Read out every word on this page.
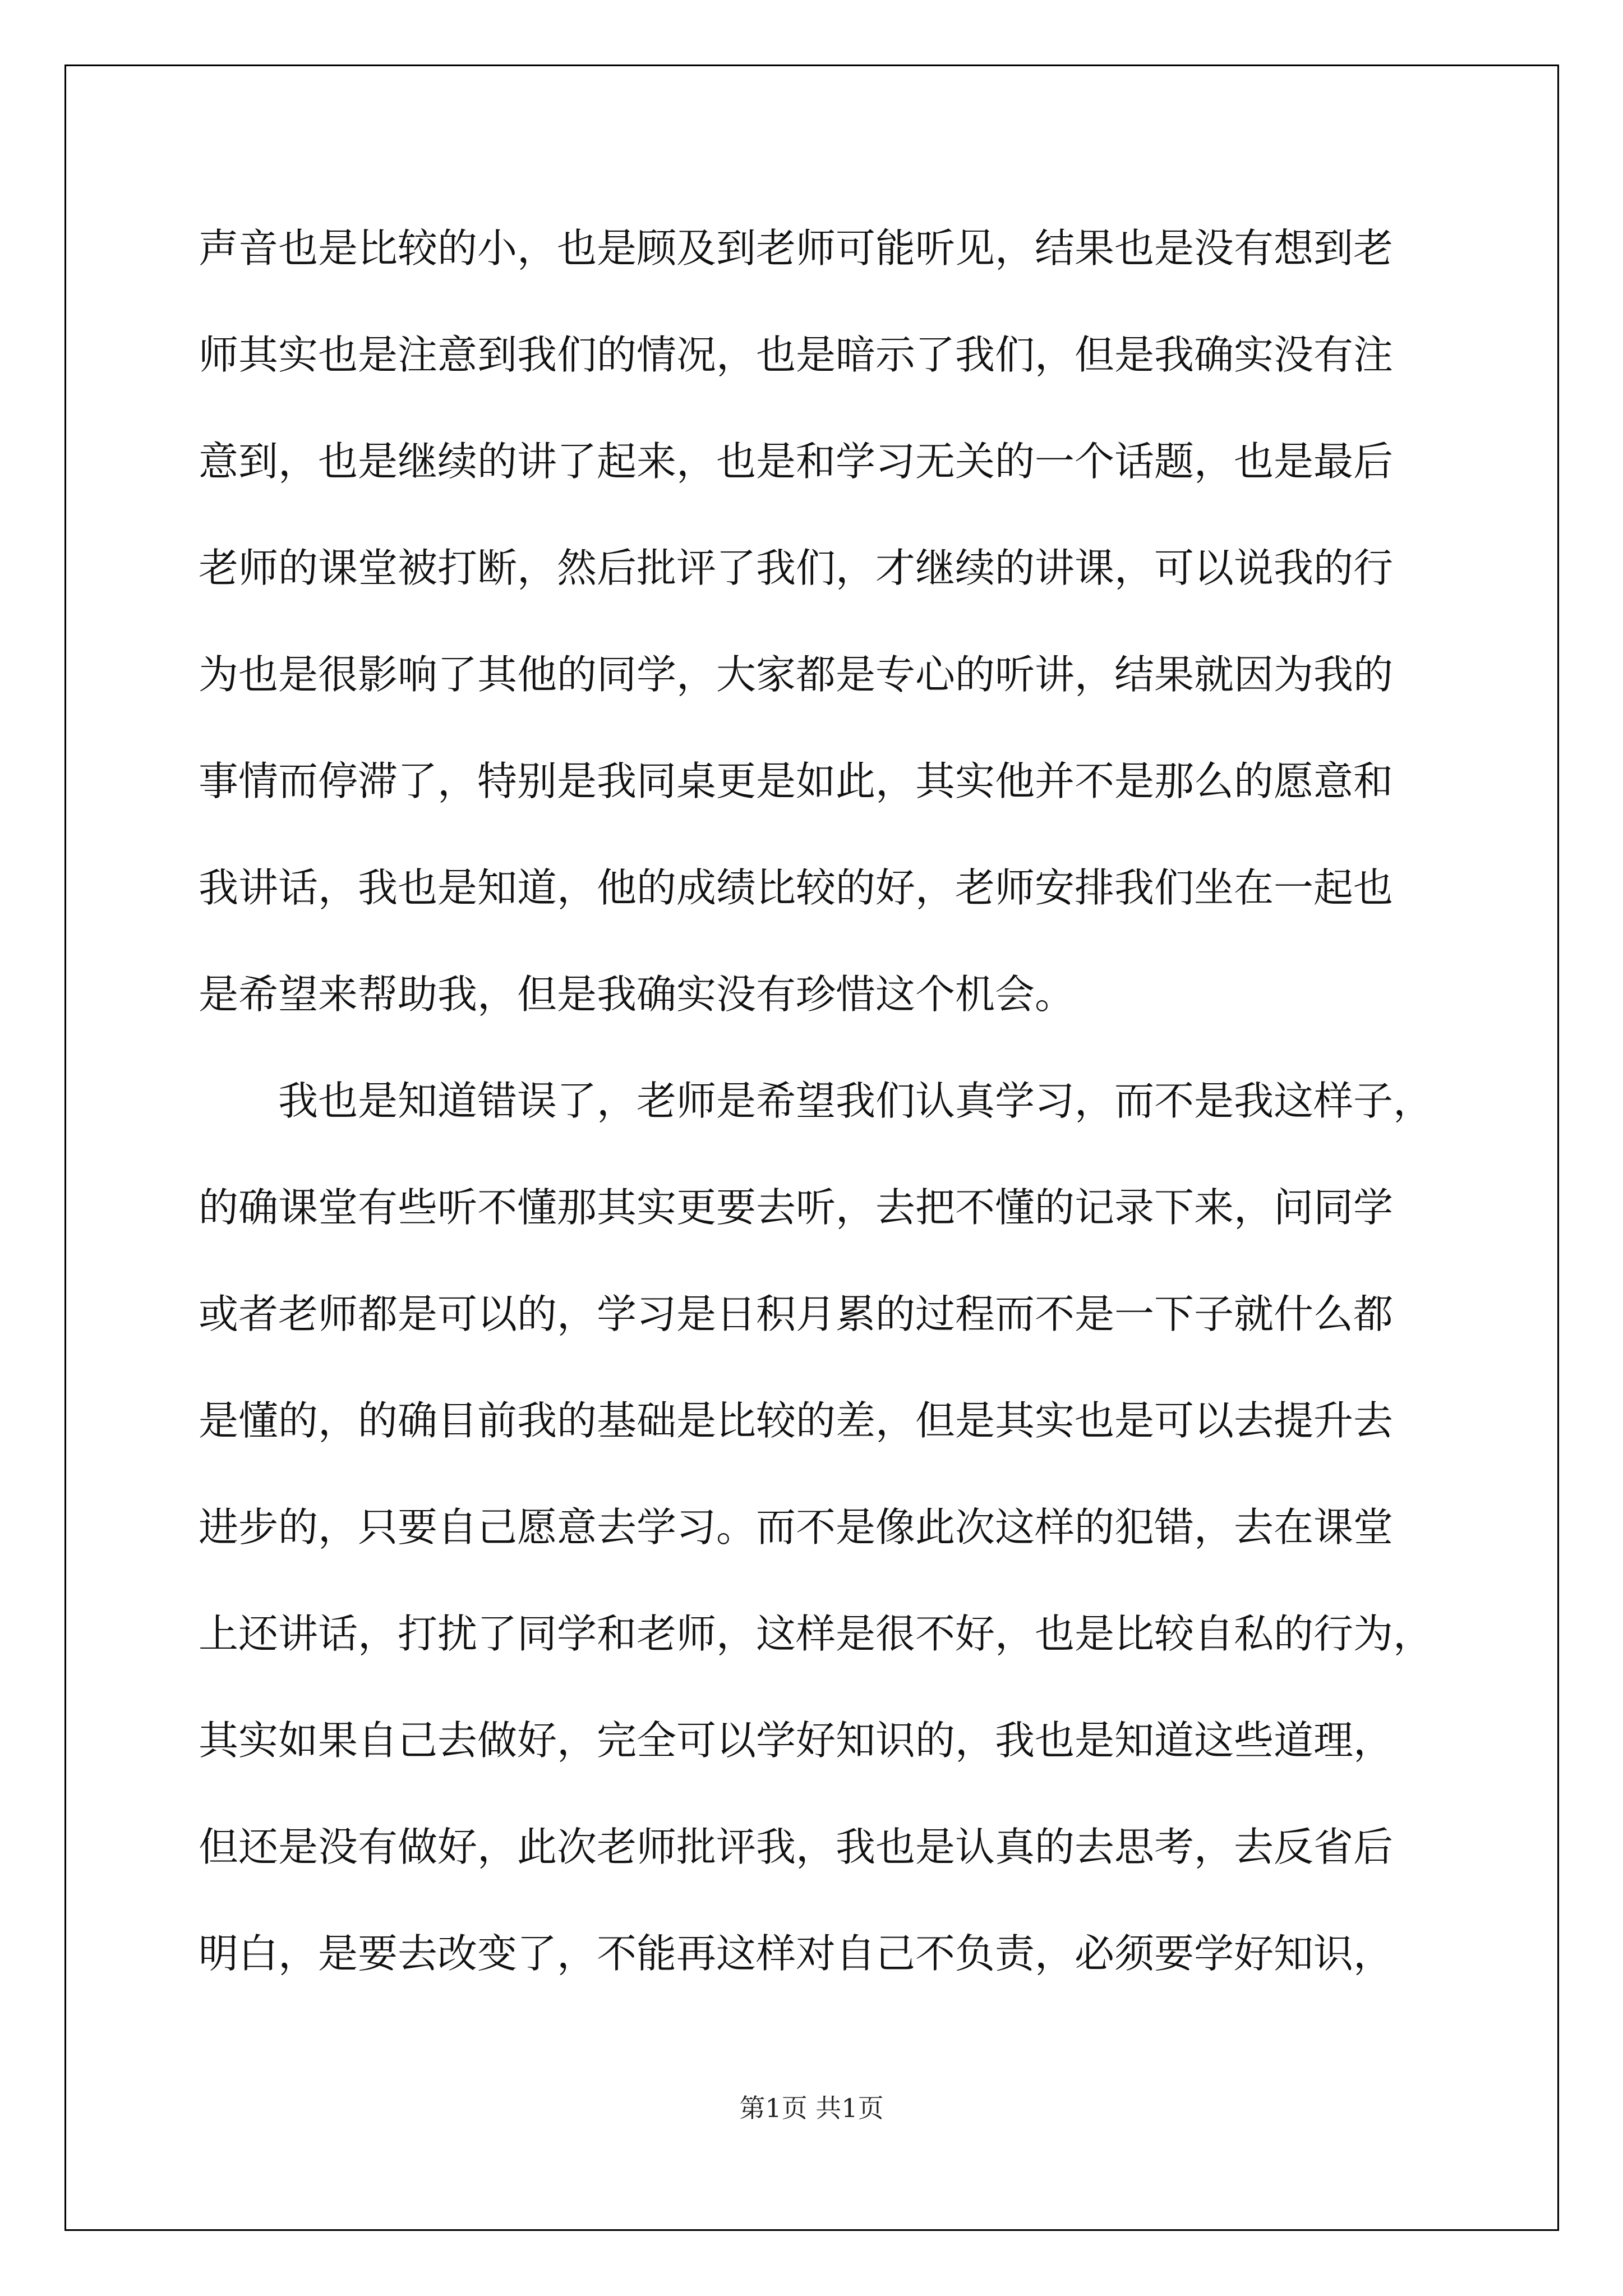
声音也是比较的小，也是顾及到老师可能听见，结果也是没有想到老
师其实也是注意到我们的情况，也是暗示了我们，但是我确实没有注
意到，也是继续的讲了起来，也是和学习无关的一个话题，也是最后
老师的课堂被打断，然后批评了我们，才继续的讲课，可以说我的行
为也是很影响了其他的同学，大家都是专心的听讲，结果就因为我的
事情而停滞了，特别是我同桌更是如此，其实他并不是那么的愿意和
我讲话，我也是知道，他的成绩比较的好，老师安排我们坐在一起也
是希望来帮助我，但是我确实没有珍惜这个机会。
我也是知道错误了，老师是希望我们认真学习，而不是我这样子，
的确课堂有些听不懂那其实更要去听，去把不懂的记录下来，问同学
或者老师都是可以的，学习是日积月累的过程而不是一下子就什么都
是懂的，的确目前我的基础是比较的差，但是其实也是可以去提升去
进步的，只要自己愿意去学习。而不是像此次这样的犯错，去在课堂
上还讲话，打扰了同学和老师，这样是很不好，也是比较自私的行为，
其实如果自己去做好，完全可以学好知识的，我也是知道这些道理，
但还是没有做好，此次老师批评我，我也是认真的去思考，去反省后
明白，是要去改变了，不能再这样对自己不负责，必须要学好知识，
第1页 共1页
